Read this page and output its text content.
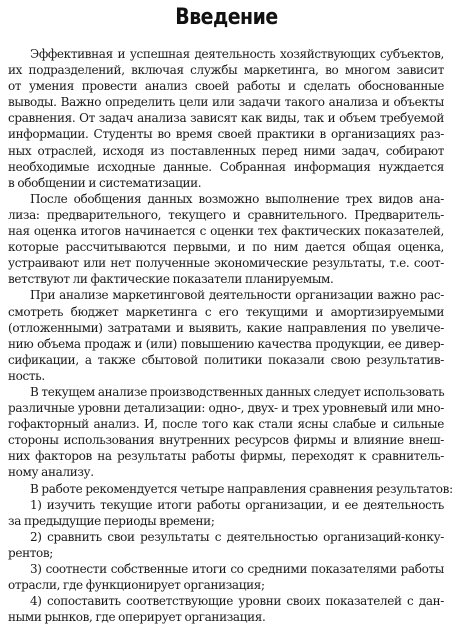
Введение
Эффективная и успешная деятельность хозяйствующих субъектов,
их подразделений, включая службы маркетинга, во многом зависит
от умения провести анализ своей работы и сделать обоснованные
выводы. Важно определить цели или задачи такого анализа и объекты
сравнения. От задач анализа зависят как виды, так и объем требуемой
информации. Студенты во время своей практики в организациях раз-
ных отраслей, исходя из поставленных перед ними задач, собирают
необходимые исходные данные. Собранная информация нуждается
в обобщении и систематизации.
После обобщения данных возможно выполнение трех видов ана-
лиза: предварительного, текущего и сравнительного. Предваритель-
ная оценка итогов начинается с оценки тех фактических показателей,
которые рассчитываются первыми, и по ним дается общая оценка,
устраивают или нет полученные экономические результаты, т.е. соот-
ветствуют ли фактические показатели планируемым.
При анализе маркетинговой деятельности организации важно рас-
смотреть бюджет маркетинга с его текущими и амортизируемыми
(отложенными) затратами и выявить, какие направления по увеличе-
нию объема продаж и (или) повышению качества продукции, ее дивер-
сификации, а также сбытовой политики показали свою результатив-
ность.
В текущем анализе производственных данных следует использовать
различные уровни детализации: одно-, двух- и трех уровневый или мно-
гофакторный анализ. И, после того как стали ясны слабые и сильные
стороны использования внутренних ресурсов фирмы и влияние внеш-
них факторов на результаты работы фирмы, переходят к сравнитель-
ному анализу.
В работе рекомендуется четыре направления сравнения результатов:
1) изучить текущие итоги работы организации, и ее деятельность
за предыдущие периоды времени;
2) сравнить свои результаты с деятельностью организаций-конку-
рентов;
3) соотнести собственные итоги со средними показателями работы
отрасли, где функционирует организация;
4) сопоставить соответствующие уровни своих показателей с дан-
ными рынков, где оперирует организация.
